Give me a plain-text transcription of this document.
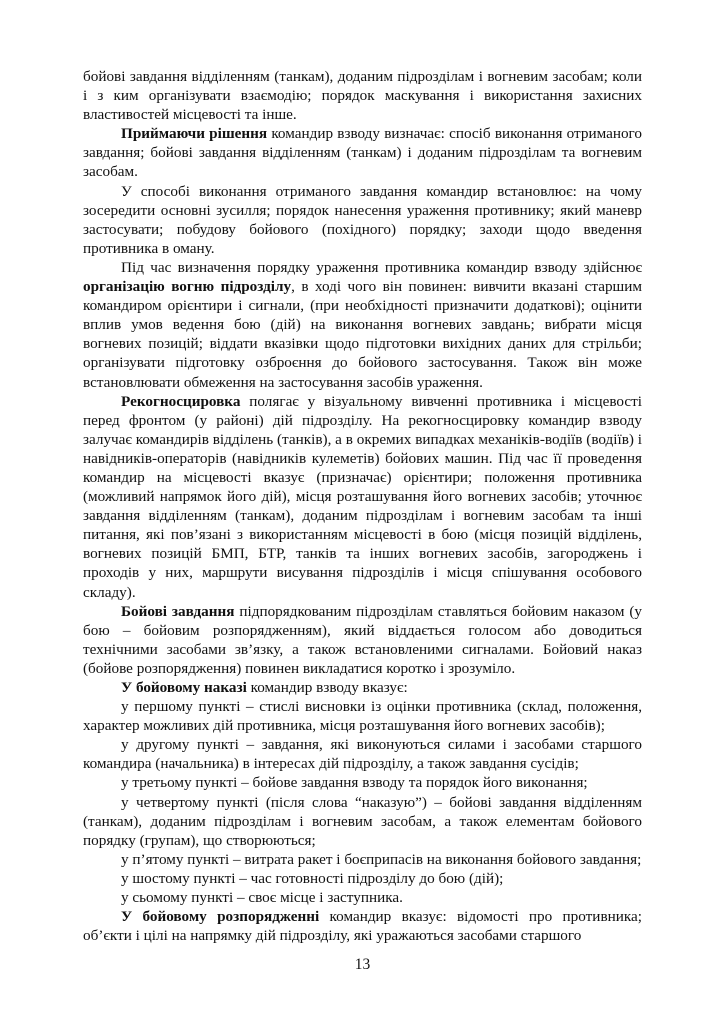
бойові завдання відділенням (танкам), доданим підрозділам і вогневим засобам; коли і з ким організувати взаємодію; порядок маскування і використання захисних властивостей місцевості та інше.

Приймаючи рішення командир взводу визначає: спосіб виконання отриманого завдання; бойові завдання відділенням (танкам) і доданим підрозділам та вогневим засобам.

У способі виконання отриманого завдання командир встановлює: на чому зосередити основні зусилля; порядок нанесення ураження противнику; який маневр застосувати; побудову бойового (похідного) порядку; заходи щодо введення противника в оману.

Під час визначення порядку ураження противника командир взводу здійснює організацію вогню підрозділу, в ході чого він повинен: вивчити вказані старшим командиром орієнтири і сигнали, (при необхідності призначити додаткові); оцінити вплив умов ведення бою (дій) на виконання вогневих завдань; вибрати місця вогневих позицій; віддати вказівки щодо підготовки вихідних даних для стрільби; організувати підготовку озброєння до бойового застосування. Також він може встановлювати обмеження на застосування засобів ураження.

Рекогносцировка полягає у візуальному вивченні противника і місцевості перед фронтом (у районі) дій підрозділу. На рекогносцировку командир взводу залучає командирів відділень (танків), а в окремих випадках механіків-водіїв (водіїв) і навідників-операторів (навідників кулеметів) бойових машин. Під час її проведення командир на місцевості вказує (призначає) орієнтири; положення противника (можливий напрямок його дій), місця розташування його вогневих засобів; уточнює завдання відділенням (танкам), доданим підрозділам і вогневим засобам та інші питання, які пов’язані з використанням місцевості в бою (місця позицій відділень, вогневих позицій БМП, БТР, танків та інших вогневих засобів, загороджень і проходів у них, маршрути висування підрозділів і місця спішування особового складу).

Бойові завдання підпорядкованим підрозділам ставляться бойовим наказом (у бою – бойовим розпорядженням), який віддається голосом або доводиться технічними засобами зв’язку, а також встановленими сигналами. Бойовий наказ (бойове розпорядження) повинен викладатися коротко і зрозуміло.

У бойовому наказі командир взводу вказує:

у першому пункті – стислі висновки із оцінки противника (склад, положення, характер можливих дій противника, місця розташування його вогневих засобів);

у другому пункті – завдання, які виконуються силами і засобами старшого командира (начальника) в інтересах дій підрозділу, а також завдання сусідів;

у третьому пункті – бойове завдання взводу та порядок його виконання;

у четвертому пункті (після слова “наказую”) – бойові завдання відділенням (танкам), доданим підрозділам і вогневим засобам, а також елементам бойового порядку (групам), що створюються;

у п’ятому пункті – витрата ракет і боєприпасів на виконання бойового завдання;

у шостому пункті – час готовності підрозділу до бою (дій);

у сьомому пункті – своє місце і заступника.

У бойовому розпорядженні командир вказує: відомості про противника; об’єкти і цілі на напрямку дій підрозділу, які уражаються засобами старшого

13
